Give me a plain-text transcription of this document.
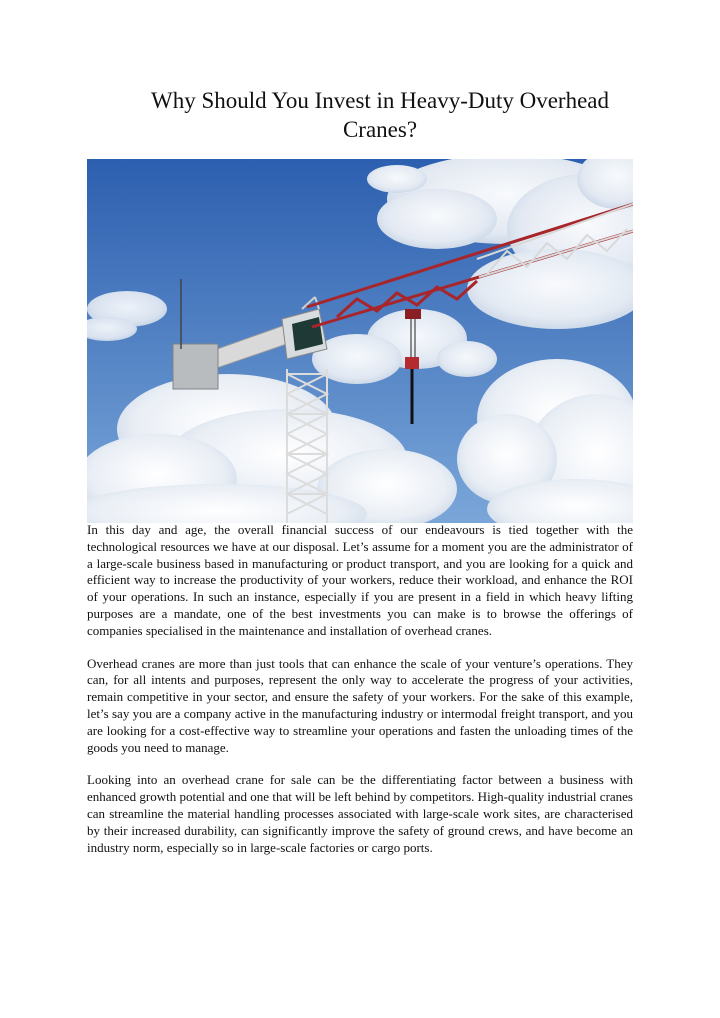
Why Should You Invest in Heavy-Duty Overhead Cranes?

In this day and age, the overall financial success of our endeavours is tied together with the technological resources we have at our disposal. Let’s assume for a moment you are the administrator of a large-scale business based in manufacturing or product transport, and you are looking for a quick and efficient way to increase the productivity of your workers, reduce their workload, and enhance the ROI of your operations. In such an instance, especially if you are present in a field in which heavy lifting purposes are a mandate, one of the best investments you can make is to browse the offerings of companies specialised in the maintenance and installation of overhead cranes.

Overhead cranes are more than just tools that can enhance the scale of your venture’s operations. They can, for all intents and purposes, represent the only way to accelerate the progress of your activities, remain competitive in your sector, and ensure the safety of your workers. For the sake of this example, let’s say you are a company active in the manufacturing industry or intermodal freight transport, and you are looking for a cost-effective way to streamline your operations and fasten the unloading times of the goods you need to manage.

Looking into an overhead crane for sale can be the differentiating factor between a business with enhanced growth potential and one that will be left behind by competitors. High-quality industrial cranes can streamline the material handling processes associated with large-scale work sites, are characterised by their increased durability, can significantly improve the safety of ground crews, and have become an industry norm, especially so in large-scale factories or cargo ports.
